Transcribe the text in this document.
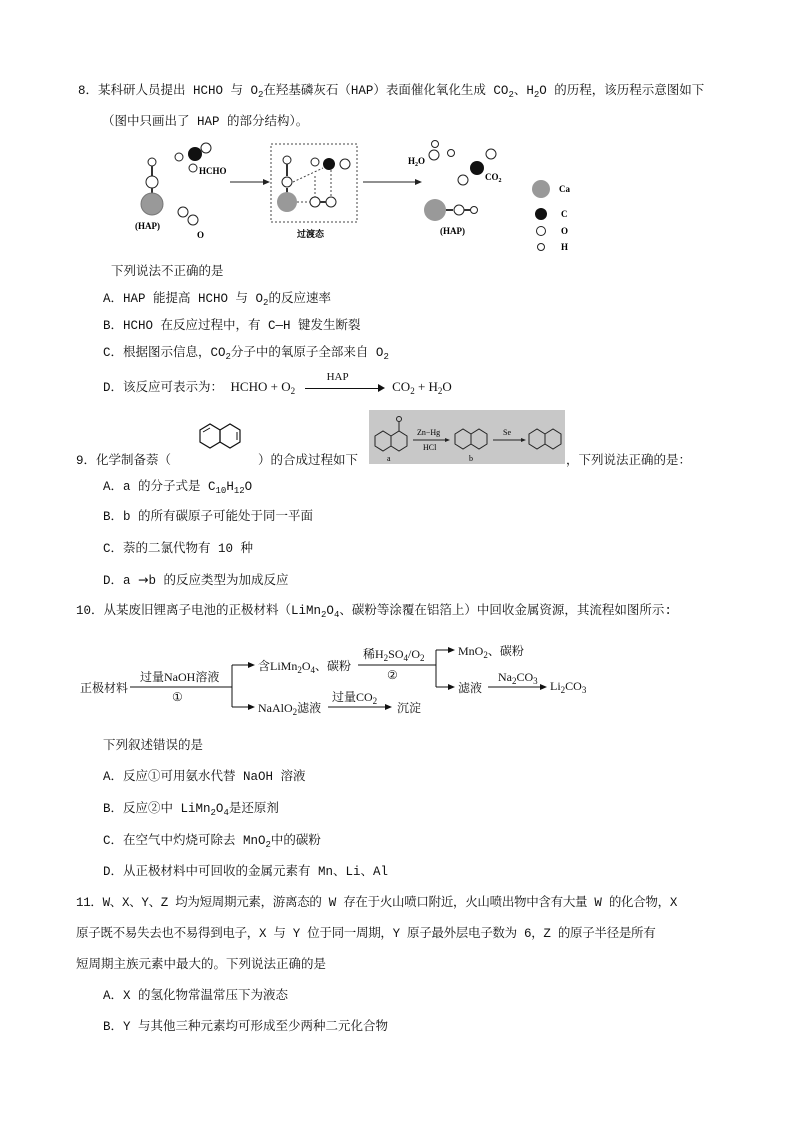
8．某科研人员提出 HCHO 与 $O_2$在羟基磷灰石（HAP）表面催化氧化生成 $CO_2$、$H_2O$ 的历程，该历程示意图如下
（图中只画出了 HAP 的部分结构）。
(HAP)
HCHO
O	过渡态
$H_2O$
$CO_2$
(HAP)
Ca
C
O
H
下列说法不正确的是
A．HAP 能提高 HCHO 与 $O_2$的反应速率
B．HCHO 在反应过程中，有 C—H 键发生断裂
C．根据图示信息，$CO_2$分子中的氧原子全部来自 $O_2$
D．该反应可表示为： HCHO + $O_2$
HAP
$CO_2 + H_2O$
9．化学制备萘（	）的合成过程如下	a
Zn−Hg
HCl
b
Se
，下列说法正确的是：
A．a 的分子式是 $C_{10}H_{12}O$
B．b 的所有碳原子可能处于同一平面
C．萘的二氯代物有 10 种
D．a →b 的反应类型为加成反应
10．从某废旧锂离子电池的正极材料（$LiMn_2O_4$、碳粉等涂覆在铝箔上）中回收金属资源，其流程如图所示:
正极材料
过量NaOH溶液
①
含$LiMn_2O_4$、碳粉
稀$H_2SO_4/O_2$
②
MnO$_2$、碳粉
滤液
$Na_2CO_3$ $Li_2CO_3$
NaAlO$_2$滤液
过量$CO_2$ 沉淀
下列叙述错误的是
A．反应①可用氨水代替 NaOH 溶液
B．反应②中 $LiMn_2O_4$是还原剂
C．在空气中灼烧可除去 MnO$_2$中的碳粉
D．从正极材料中可回收的金属元素有 Mn、Li、Al
11．W、X、Y、Z 均为短周期元素，游离态的 W 存在于火山喷口附近，火山喷出物中含有大量 W 的化合物，X
原子既不易失去也不易得到电子，X 与 Y 位于同一周期，Y 原子最外层电子数为 6，Z 的原子半径是所有
短周期主族元素中最大的。下列说法正确的是
A．X 的氢化物常温常压下为液态
B．Y 与其他三种元素均可形成至少两种二元化合物
